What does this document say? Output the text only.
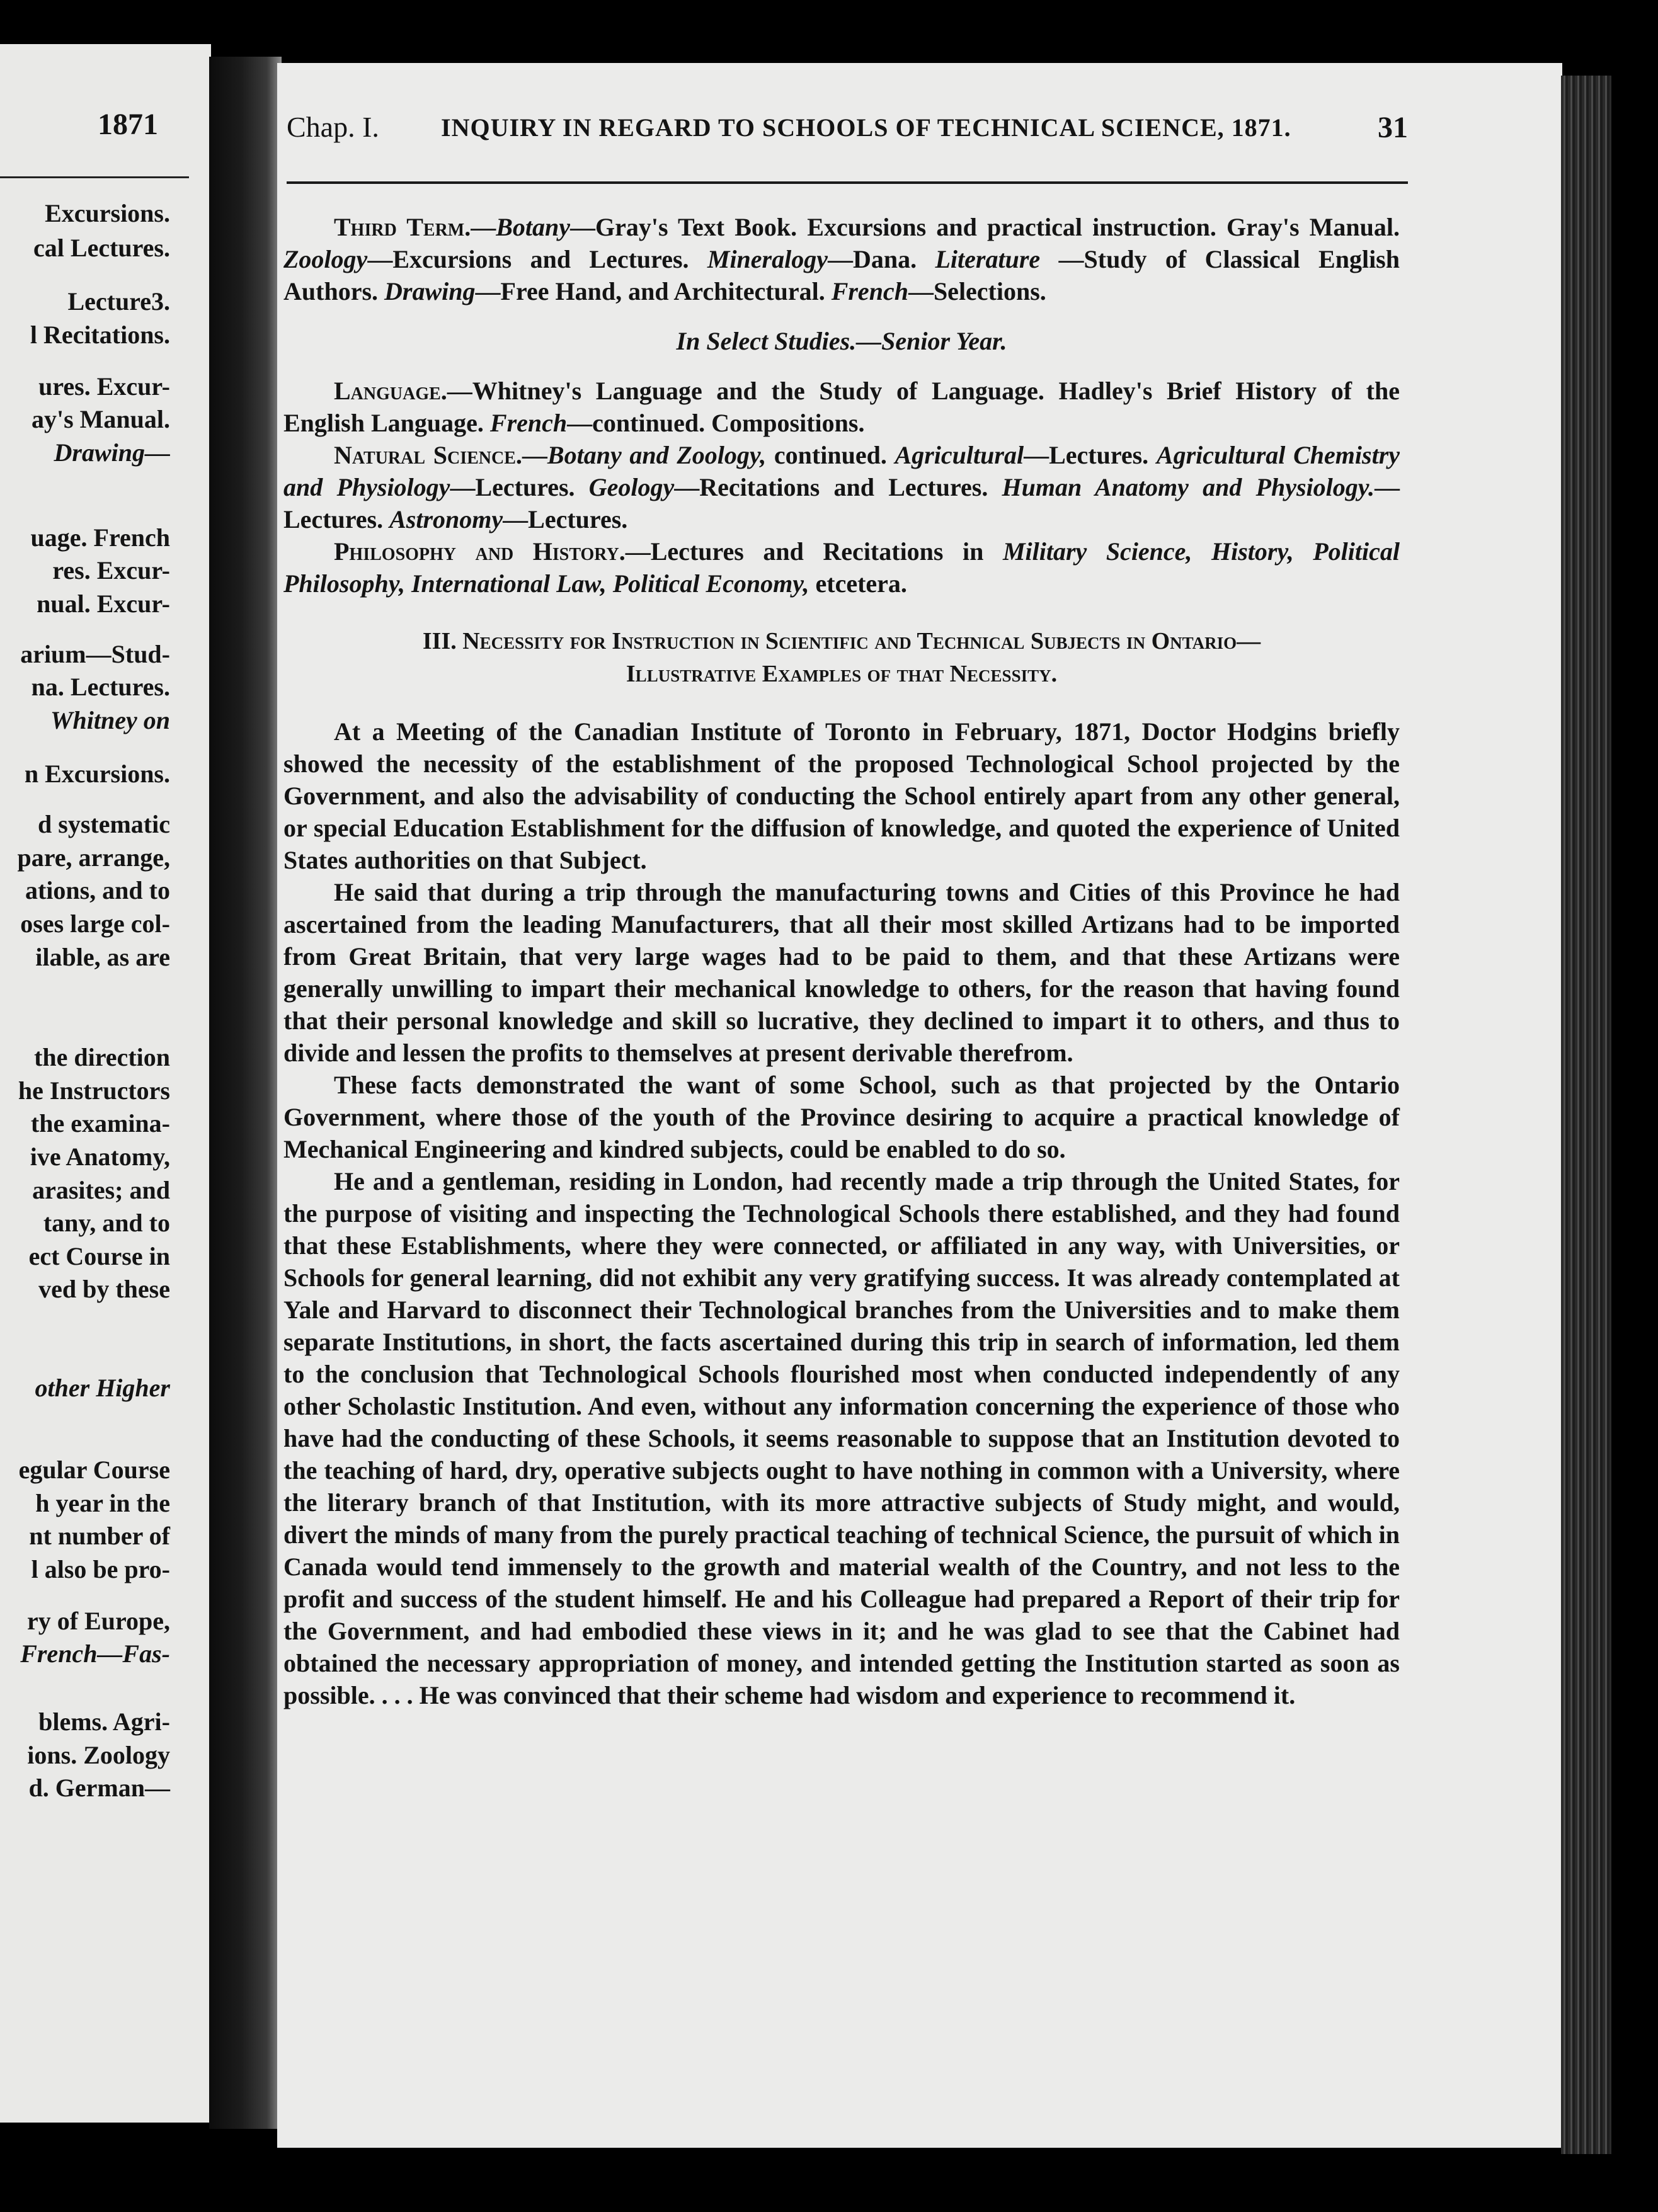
1871
Excursions.
cal Lectures.
Lecture3.
l Recitations.
ures. Excur-
ay's Manual.
Drawing—
uage. French
res. Excur-
nual. Excur-
arium—Stud-
na. Lectures.
Whitney on
n Excursions.
d systematic
pare, arrange,
ations, and to
oses large col-
ilable, as are
the direction
he Instructors
the examina-
ive Anatomy,
arasites; and
tany, and to
ect Course in
ved by these
other Higher
egular Course
h year in the
nt number of
l also be pro-
ry of Europe,
French—Fas-
blems. Agri-
ions. Zoology
d. German—
Chap. I. INQUIRY IN REGARD TO SCHOOLS OF TECHNICAL SCIENCE, 1871.	31

Third Term.—Botany—Gray's Text Book. Excursions and practical instruction. Gray's Manual. Zoology—Excursions and Lectures. Mineralogy—Dana. Literature —Study of Classical English Authors. Drawing—Free Hand, and Architectural. French—Selections.

In Select Studies.—Senior Year.

Language.—Whitney's Language and the Study of Language. Hadley's Brief History of the English Language. French—continued. Compositions.

Natural Science.—Botany and Zoology, continued. Agricultural—Lectures. Agricultural Chemistry and Physiology—Lectures. Geology—Recitations and Lectures. Human Anatomy and Physiology.—Lectures. Astronomy—Lectures.

Philosophy and History.—Lectures and Recitations in Military Science, History, Political Philosophy, International Law, Political Economy, etcetera.

III. Necessity for Instruction in Scientific and Technical Subjects in Ontario—
Illustrative Examples of that Necessity.

At a Meeting of the Canadian Institute of Toronto in February, 1871, Doctor Hodgins briefly showed the necessity of the establishment of the proposed Technological School projected by the Government, and also the advisability of conducting the School entirely apart from any other general, or special Education Establishment for the diffusion of knowledge, and quoted the experience of United States authorities on that Subject.

He said that during a trip through the manufacturing towns and Cities of this Province he had ascertained from the leading Manufacturers, that all their most skilled Artizans had to be imported from Great Britain, that very large wages had to be paid to them, and that these Artizans were generally unwilling to impart their mechanical knowledge to others, for the reason that having found that their personal knowledge and skill so lucrative, they declined to impart it to others, and thus to divide and lessen the profits to themselves at present derivable therefrom.

These facts demonstrated the want of some School, such as that projected by the Ontario Government, where those of the youth of the Province desiring to acquire a practical knowledge of Mechanical Engineering and kindred subjects, could be enabled to do so.

He and a gentleman, residing in London, had recently made a trip through the United States, for the purpose of visiting and inspecting the Technological Schools there established, and they had found that these Establishments, where they were connected, or affiliated in any way, with Universities, or Schools for general learning, did not exhibit any very gratifying success. It was already contemplated at Yale and Harvard to disconnect their Technological branches from the Universities and to make them separate Institutions, in short, the facts ascertained during this trip in search of information, led them to the conclusion that Technological Schools flourished most when conducted independently of any other Scholastic Institution. And even, without any information concerning the experience of those who have had the conducting of these Schools, it seems reasonable to suppose that an Institution devoted to the teaching of hard, dry, operative subjects ought to have nothing in common with a University, where the literary branch of that Institution, with its more attractive subjects of Study might, and would, divert the minds of many from the purely practical teaching of technical Science, the pursuit of which in Canada would tend immensely to the growth and material wealth of the Country, and not less to the profit and success of the student himself. He and his Colleague had prepared a Report of their trip for the Government, and had embodied these views in it; and he was glad to see that the Cabinet had obtained the necessary appropriation of money, and intended getting the Institution started as soon as possible. . . . He was convinced that their scheme had wisdom and experience to recommend it.
